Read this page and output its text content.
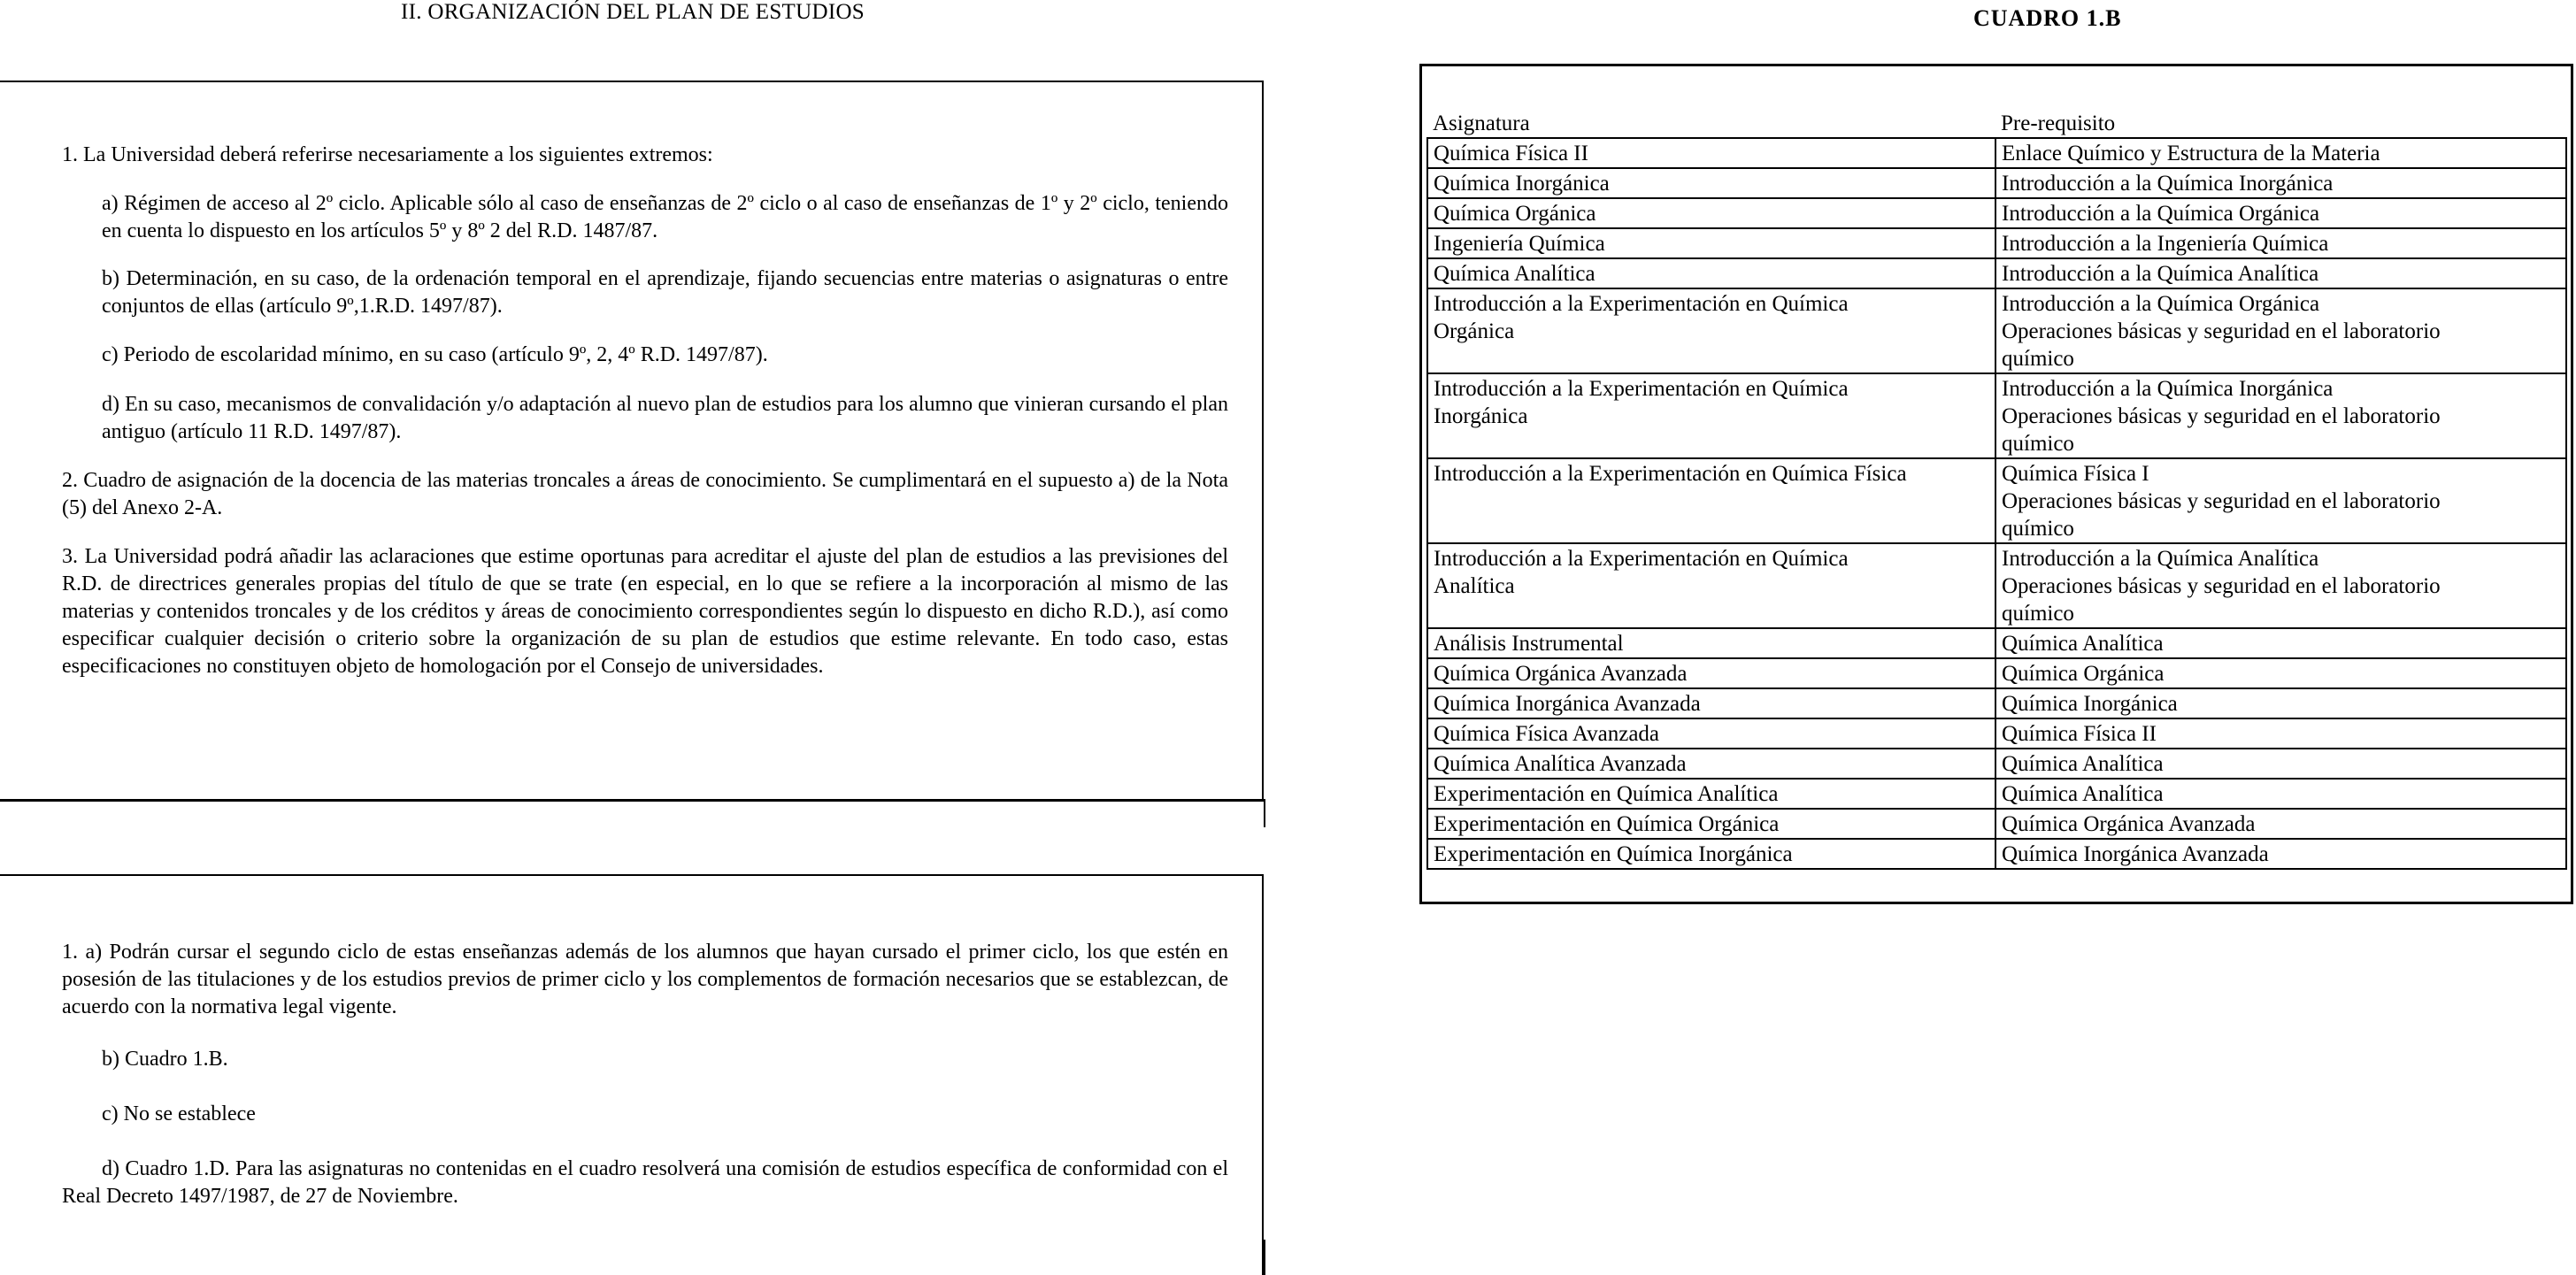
II. ORGANIZACIÓN DEL PLAN DE ESTUDIOS

1. La Universidad deberá referirse necesariamente a los siguientes extremos:

a) Régimen de acceso al 2º ciclo. Aplicable sólo al caso de enseñanzas de 2º ciclo o al caso de enseñanzas de 1º y 2º ciclo, teniendo en cuenta lo dispuesto en los artículos 5º y 8º 2 del R.D. 1487/87.

b) Determinación, en su caso, de la ordenación temporal en el aprendizaje, fijando secuencias entre materias o asignaturas o entre conjuntos de ellas (artículo 9º,1.R.D. 1497/87).

c) Periodo de escolaridad mínimo, en su caso (artículo 9º, 2, 4º R.D. 1497/87).

d) En su caso, mecanismos de convalidación y/o adaptación al nuevo plan de estudios para los alumno que vinieran cursando el plan antiguo (artículo 11 R.D. 1497/87).

2. Cuadro de asignación de la docencia de las materias troncales a áreas de conocimiento. Se cumplimentará en el supuesto a) de la Nota (5) del Anexo 2-A.

3. La Universidad podrá añadir las aclaraciones que estime oportunas para acreditar el ajuste del plan de estudios a las previsiones del R.D. de directrices generales propias del título de que se trate (en especial, en lo que se refiere a la incorporación al mismo de las materias y contenidos troncales y de los créditos y áreas de conocimiento correspondientes según lo dispuesto en dicho R.D.), así como especificar cualquier decisión o criterio sobre la organización de su plan de estudios que estime relevante. En todo caso, estas especificaciones no constituyen objeto de homologación por el Consejo de universidades.

1. a) Podrán cursar el segundo ciclo de estas enseñanzas además de los alumnos que hayan cursado el primer ciclo, los que estén en posesión de las titulaciones y de los estudios previos de primer ciclo y los complementos de formación necesarios que se establezcan, de acuerdo con la normativa legal vigente.

b) Cuadro 1.B.

c) No se establece

d) Cuadro 1.D. Para las asignaturas no contenidas en el cuadro resolverá una comisión de estudios específica de conformidad con el Real Decreto 1497/1987, de 27 de Noviembre.

CUADRO 1.B
Asignatura	Pre-requisito

Química Física II	Enlace Químico y Estructura de la Materia

Química Inorgánica	Introducción a la Química Inorgánica

Química Orgánica	Introducción a la Química Orgánica

Ingeniería Química	Introducción a la Ingeniería Química

Química Analítica	Introducción a la Química Analítica

Introducción a la Experimentación en Química
Orgánica	Introducción a la Química Orgánica
Operaciones básicas y seguridad en el laboratorio
químico

Introducción a la Experimentación en Química
Inorgánica	Introducción a la Química Inorgánica
Operaciones básicas y seguridad en el laboratorio
químico

Introducción a la Experimentación en Química Física	Química Física I
Operaciones básicas y seguridad en el laboratorio
químico

Introducción a la Experimentación en Química
Analítica	Introducción a la Química Analítica
Operaciones básicas y seguridad en el laboratorio
químico

Análisis Instrumental	Química Analítica

Química Orgánica Avanzada	Química Orgánica

Química Inorgánica Avanzada	Química Inorgánica

Química Física Avanzada	Química Física II

Química Analítica Avanzada	Química Analítica

Experimentación en Química Analítica	Química Analítica

Experimentación en Química Orgánica	Química Orgánica Avanzada

Experimentación en Química Inorgánica	Química Inorgánica Avanzada
